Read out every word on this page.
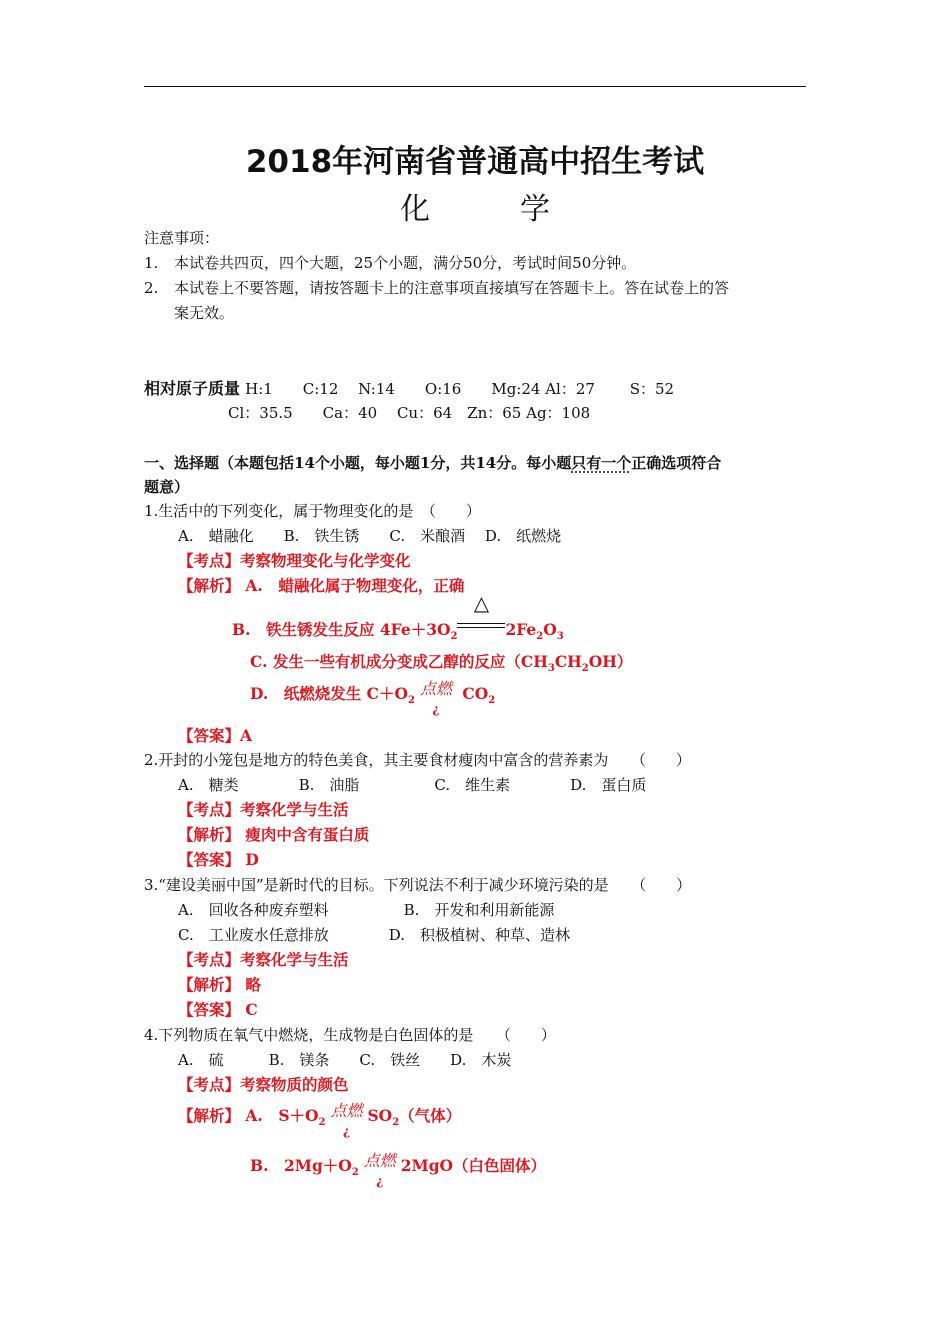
2018年河南省普通高中招生考试
化　学
注意事项：
1. 本试卷共四页，四个大题，25个小题，满分50分，考试时间50分钟。
2. 本试卷上不要答题，请按答题卡上的注意事项直接填写在答题卡上。答在试卷上的答
案无效。
相对原子质量 H:1　　C:12　 N:14　　O:16　　Mg:24 Al：27　　 S：52
Cl：35.5　　Ca：40　 Cu：64　Zn：65 Ag：108
一、选择题（本题包括14个小题，每小题1分，共14分。每小题只有一个正确选项符合
题意）
1.生活中的下列变化，属于物理变化的是　（　　）
A.　蜡融化　　B.　铁生锈　　C.　米酿酒　 D.　纸燃烧
【考点】考察物理变化与化学变化
【解析】 A.　蜡融化属于物理变化，正确
B.　铁生锈发生反应 $4Fe+3O_2$
△
$2Fe_2O_3$
C. 发生一些有机成分变成乙醇的反应$(CH_3CH_2OH)$
D.　纸燃烧发生 $C+O_2$
点燃
¿
$CO_2$
【答案】A
2.开封的小笼包是地方的特色美食，其主要食材瘦肉中富含的营养素为　　（　　）
A.　糖类　　　　B.　油脂　　　　　C.　维生素　　　　D.　蛋白质
【考点】考察化学与生活
【解析】 瘦肉中含有蛋白质
【答案】 D
3.“建设美丽中国”是新时代的目标。下列说法不利于减少环境污染的是　　（　　）
A.　回收各种废弃塑料　　　　　B.　开发和利用新能源
C.　工业废水任意排放　　　　D.　积极植树、种草、造林
【考点】考察化学与生活
【解析】 略
【答案】 C
4.下列物质在氧气中燃烧，生成物是白色固体的是　　（　　）
A.　硫　　　B.　镁条　　C.　铁丝　　D.　木炭
【考点】考察物质的颜色
【解析】 A.　$S+O_2$
点燃
¿
$SO_2$（气体）
B.　$2Mg+O_2$
点燃
¿
2MgO（白色固体）
